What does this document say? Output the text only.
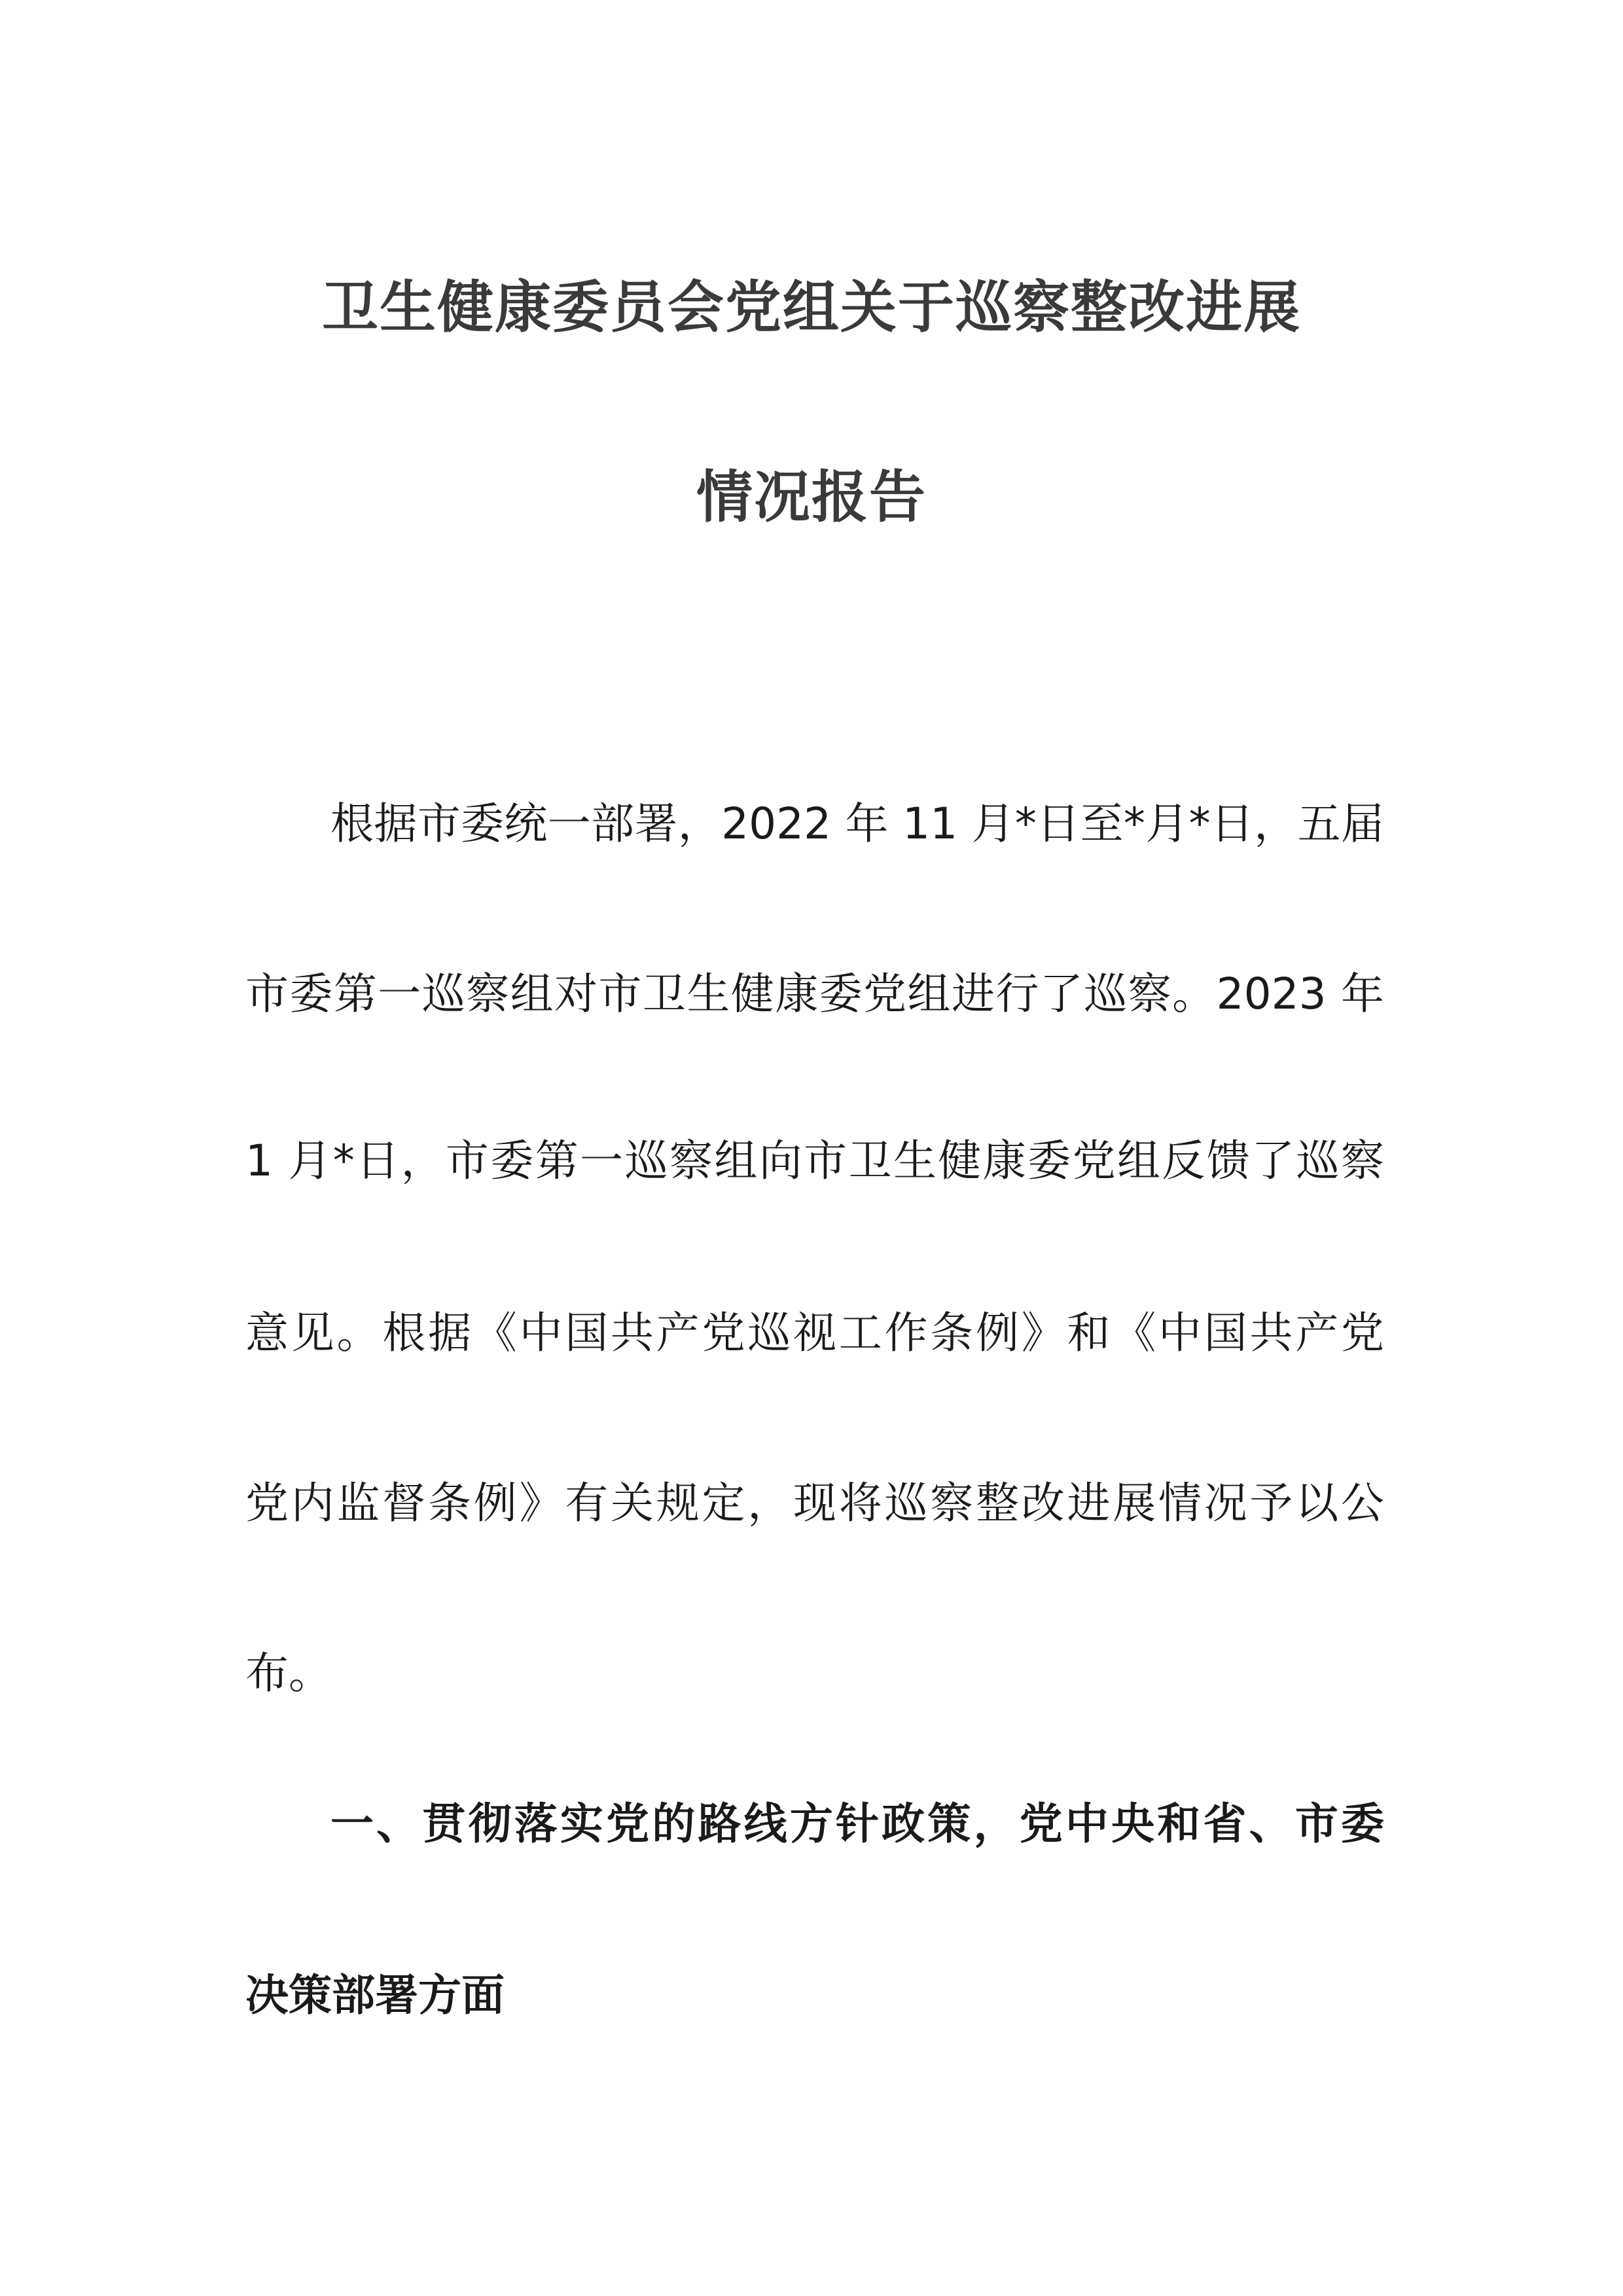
卫生健康委员会党组关于巡察整改进展
情况报告
根据市委统一部署，2022 年 11 月*日至*月*日，五届
市委第一巡察组对市卫生健康委党组进行了巡察。2023 年
1 月*日，市委第一巡察组向市卫生健康委党组反馈了巡察
意见。根据《中国共产党巡视工作条例》和《中国共产党
党内监督条例》有关规定，现将巡察整改进展情况予以公
布。
一、贯彻落实党的路线方针政策，党中央和省、市委
决策部署方面
